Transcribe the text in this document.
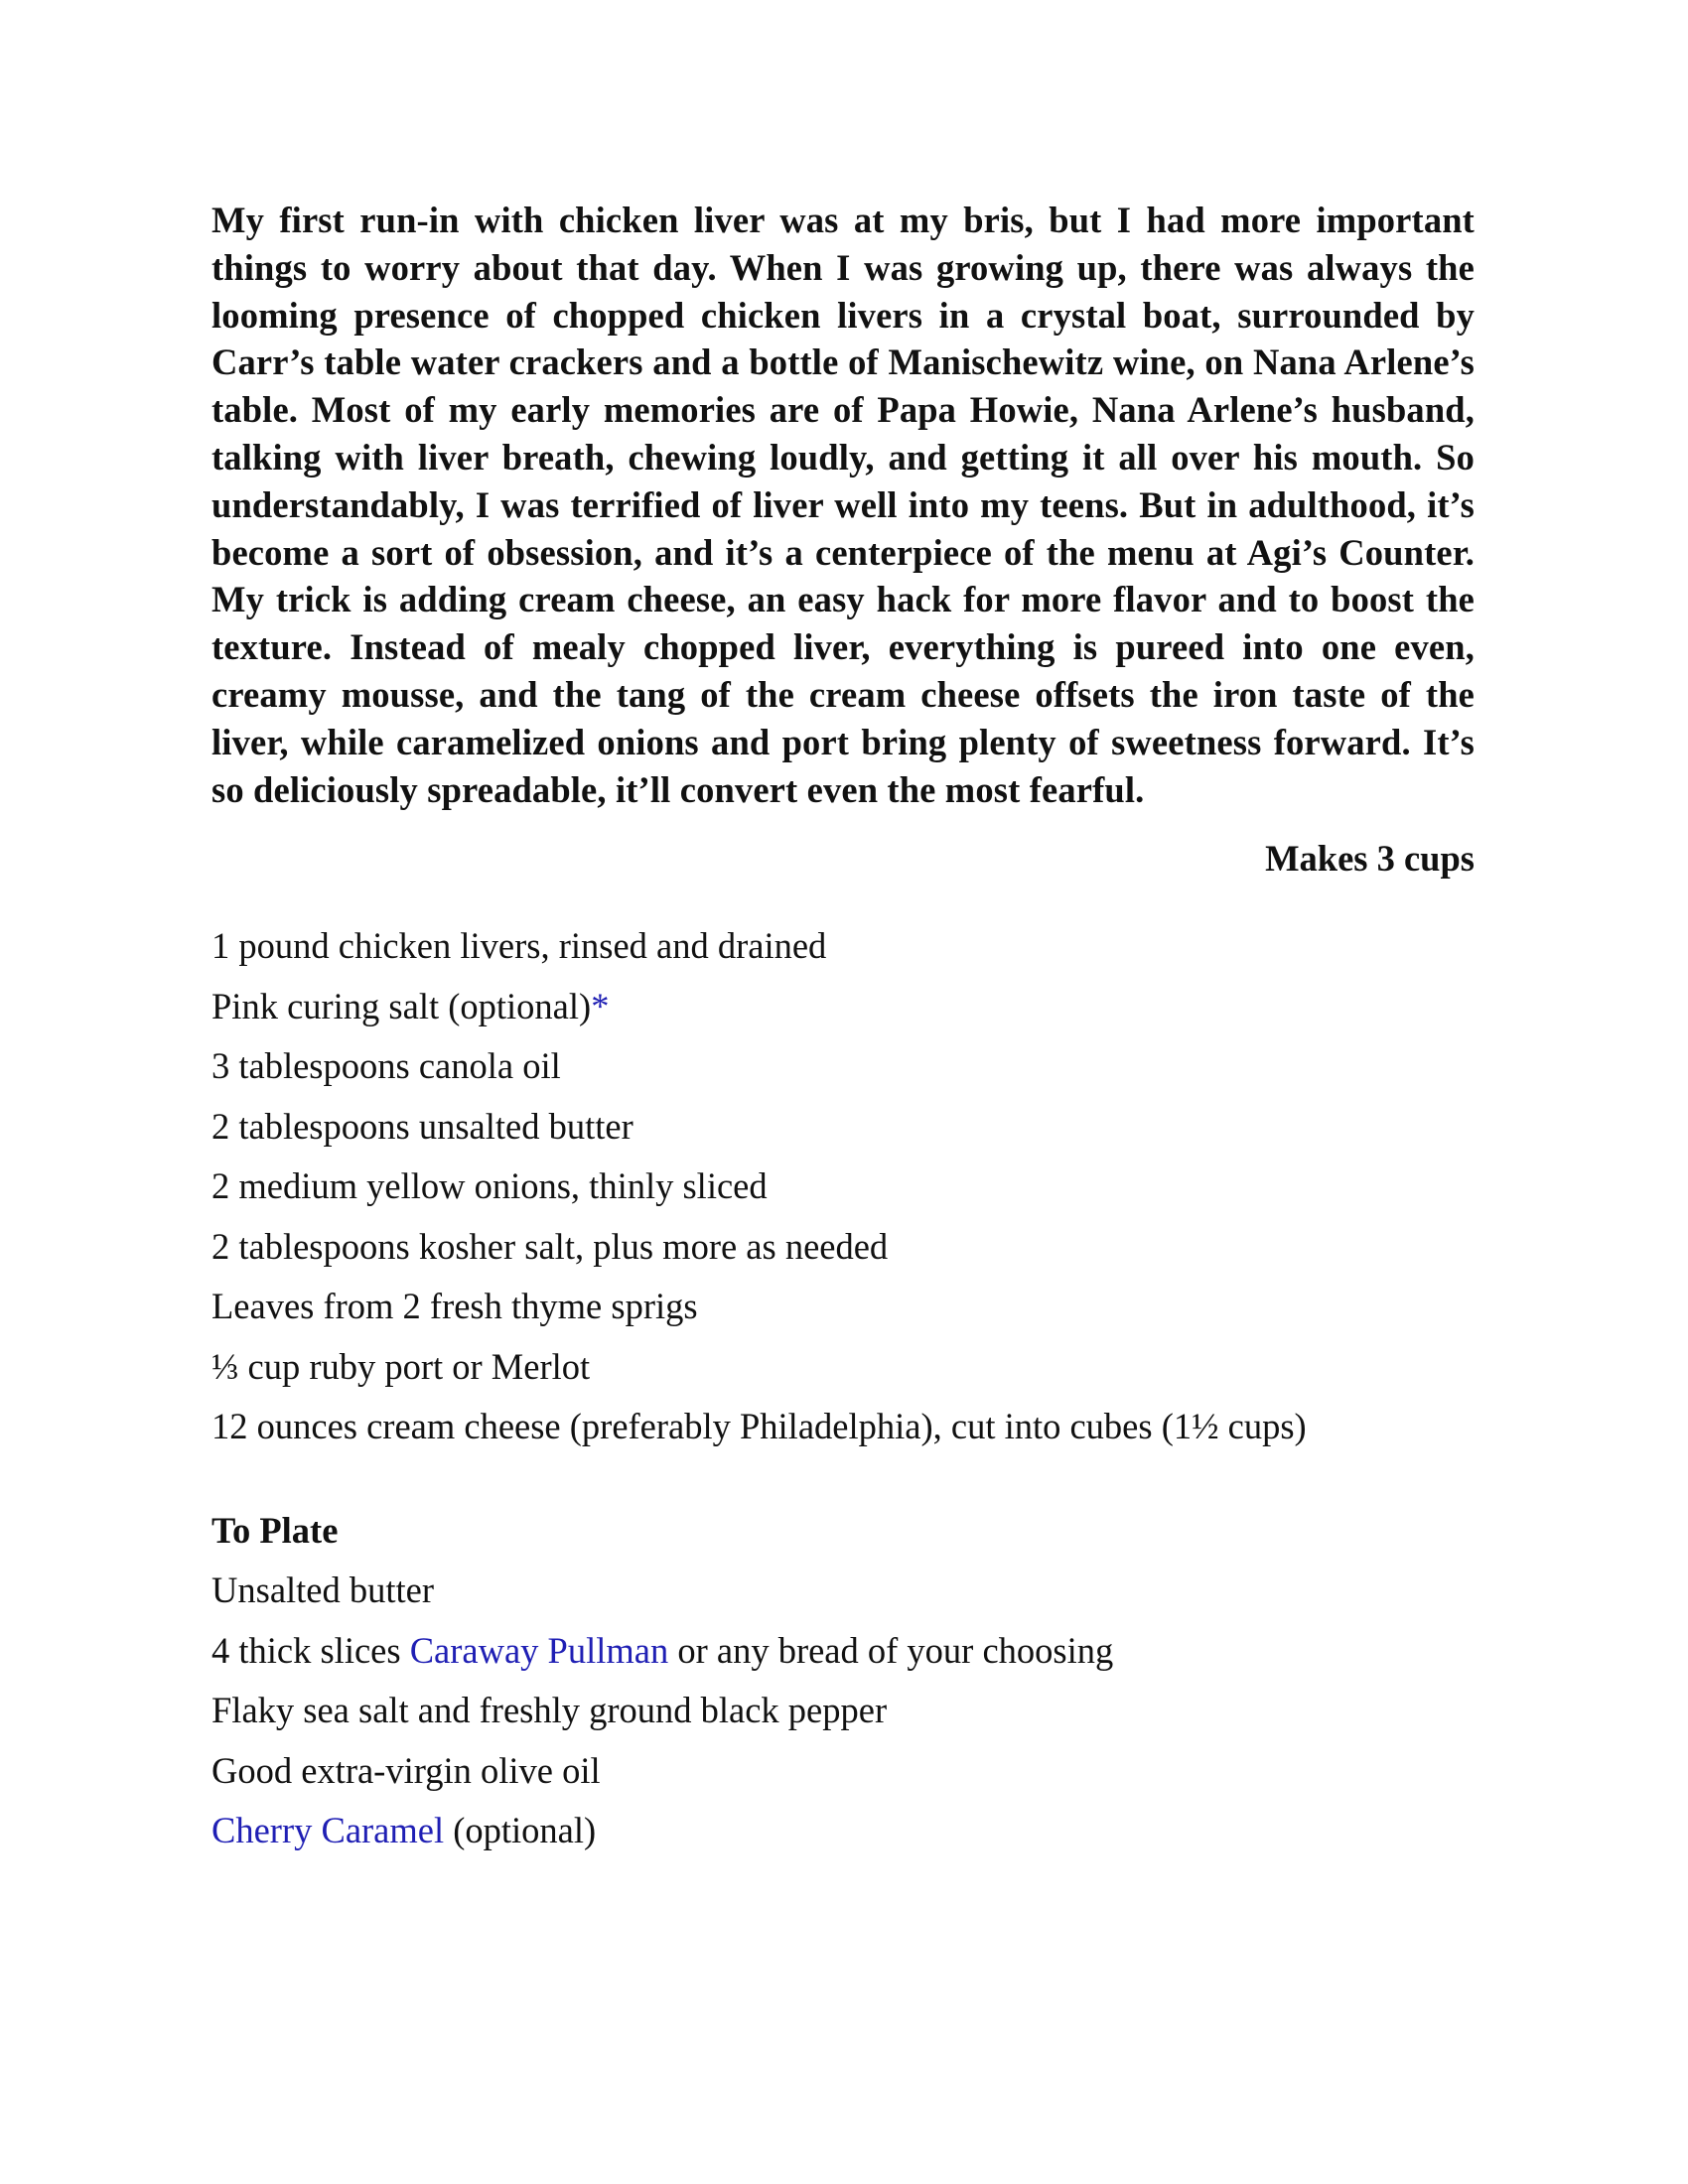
My first run-in with chicken liver was at my bris, but I had more important things to worry about that day. When I was growing up, there was always the looming presence of chopped chicken livers in a crystal boat, surrounded by Carr’s table water crackers and a bottle of Manischewitz wine, on Nana Arlene’s table. Most of my early memories are of Papa Howie, Nana Arlene’s husband, talking with liver breath, chewing loudly, and getting it all over his mouth. So understandably, I was terrified of liver well into my teens. But in adulthood, it’s become a sort of obsession, and it’s a centerpiece of the menu at Agi’s Counter. My trick is adding cream cheese, an easy hack for more flavor and to boost the texture. Instead of mealy chopped liver, everything is pureed into one even, creamy mousse, and the tang of the cream cheese offsets the iron taste of the liver, while caramelized onions and port bring plenty of sweetness forward. It’s so deliciously spreadable, it’ll convert even the most fearful.

Makes 3 cups

1 pound chicken livers, rinsed and drained
Pink curing salt (optional)*
3 tablespoons canola oil
2 tablespoons unsalted butter
2 medium yellow onions, thinly sliced
2 tablespoons kosher salt, plus more as needed
Leaves from 2 fresh thyme sprigs
⅓ cup ruby port or Merlot
12 ounces cream cheese (preferably Philadelphia), cut into cubes (1½ cups)
To Plate
Unsalted butter
4 thick slices Caraway Pullman or any bread of your choosing
Flaky sea salt and freshly ground black pepper
Good extra-virgin olive oil
Cherry Caramel (optional)
